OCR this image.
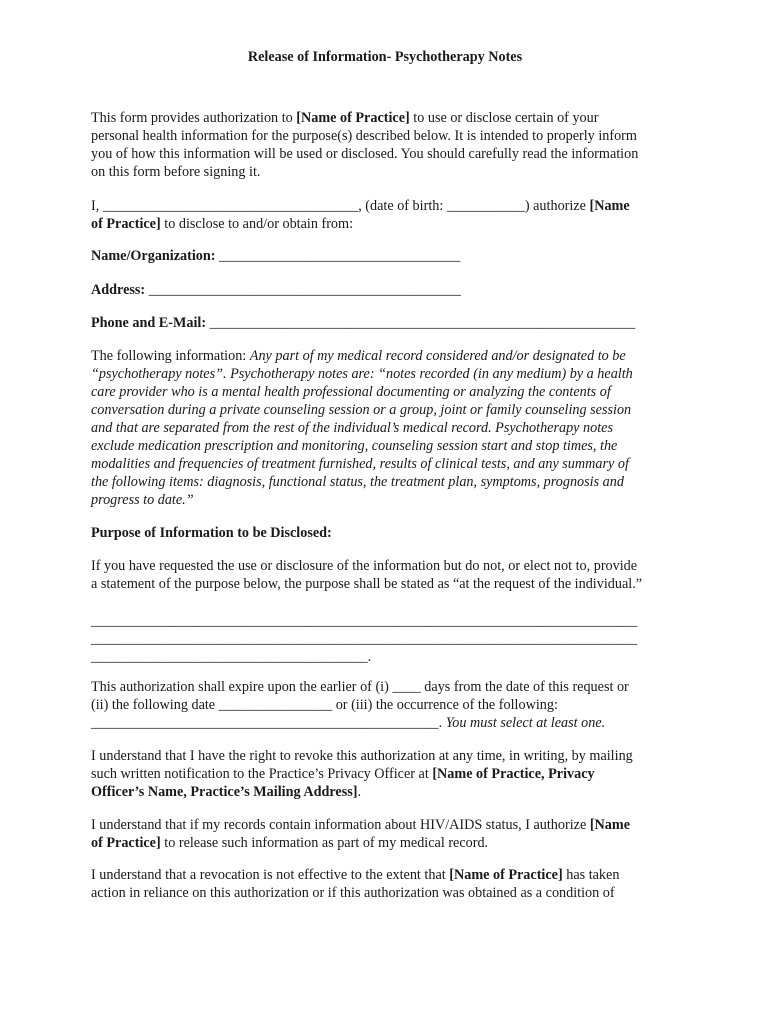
Release of Information- Psychotherapy Notes
This form provides authorization to [Name of Practice] to use or disclose certain of your
personal health information for the purpose(s) described below. It is intended to properly inform
you of how this information will be used or disclosed. You should carefully read the information
on this form before signing it.
I, ____________________________________, (date of birth: ___________) authorize [Name
of Practice] to disclose to and/or obtain from:
Name/Organization: __________________________________
Address: ____________________________________________
Phone and E-Mail: ____________________________________________________________
The following information: Any part of my medical record considered and/or designated to be
“psychotherapy notes”. Psychotherapy notes are: “notes recorded (in any medium) by a health
care provider who is a mental health professional documenting or analyzing the contents of
conversation during a private counseling session or a group, joint or family counseling session
and that are separated from the rest of the individual’s medical record. Psychotherapy notes
exclude medication prescription and monitoring, counseling session start and stop times, the
modalities and frequencies of treatment furnished, results of clinical tests, and any summary of
the following items: diagnosis, functional status, the treatment plan, symptoms, prognosis and
progress to date.”
Purpose of Information to be Disclosed:
If you have requested the use or disclosure of the information but do not, or elect not to, provide
a statement of the purpose below, the purpose shall be stated as “at the request of the individual.”
_____________________________________________________________________________
_____________________________________________________________________________
_______________________________________.
This authorization shall expire upon the earlier of (i) ____ days from the date of this request or
(ii) the following date ________________ or (iii) the occurrence of the following:
_________________________________________________. You must select at least one.
I understand that I have the right to revoke this authorization at any time, in writing, by mailing
such written notification to the Practice’s Privacy Officer at [Name of Practice, Privacy
Officer’s Name, Practice’s Mailing Address].
I understand that if my records contain information about HIV/AIDS status, I authorize [Name
of Practice] to release such information as part of my medical record.
I understand that a revocation is not effective to the extent that [Name of Practice] has taken
action in reliance on this authorization or if this authorization was obtained as a condition of
